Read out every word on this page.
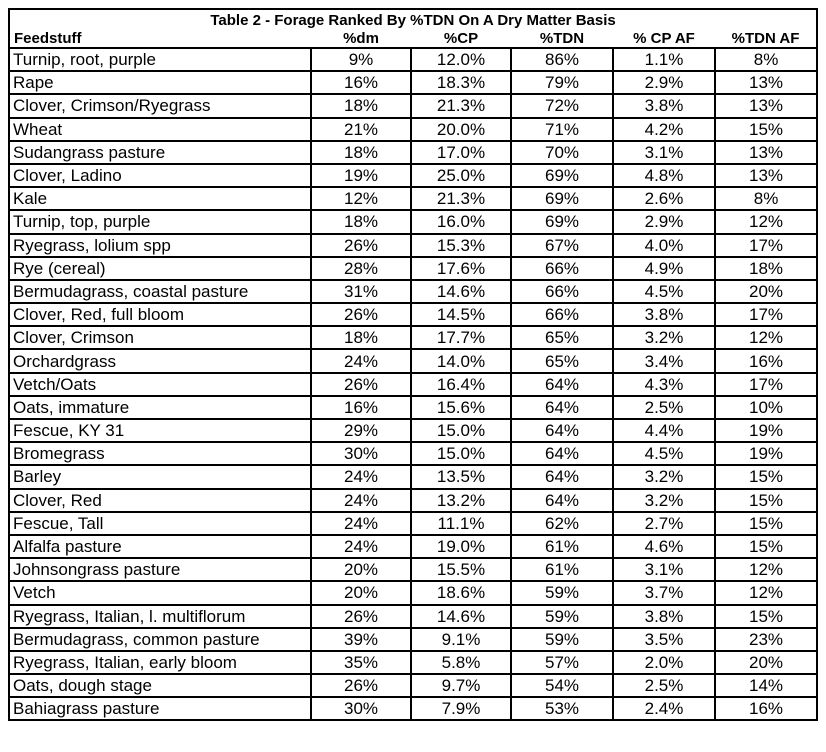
Table 2 - Forage Ranked By %TDN On A Dry Matter Basis					
Feedstuff	%dm	%CP	%TDN	% CP AF	%TDN AF
Turnip, root, purple	9%	12.0%	86%	1.1%	8%
Rape	16%	18.3%	79%	2.9%	13%
Clover, Crimson/Ryegrass	18%	21.3%	72%	3.8%	13%
Wheat	21%	20.0%	71%	4.2%	15%
Sudangrass pasture	18%	17.0%	70%	3.1%	13%
Clover, Ladino	19%	25.0%	69%	4.8%	13%
Kale	12%	21.3%	69%	2.6%	8%
Turnip, top, purple	18%	16.0%	69%	2.9%	12%
Ryegrass, lolium spp	26%	15.3%	67%	4.0%	17%
Rye (cereal)	28%	17.6%	66%	4.9%	18%
Bermudagrass, coastal pasture	31%	14.6%	66%	4.5%	20%
Clover, Red, full bloom	26%	14.5%	66%	3.8%	17%
Clover, Crimson	18%	17.7%	65%	3.2%	12%
Orchardgrass	24%	14.0%	65%	3.4%	16%
Vetch/Oats	26%	16.4%	64%	4.3%	17%
Oats, immature	16%	15.6%	64%	2.5%	10%
Fescue, KY 31	29%	15.0%	64%	4.4%	19%
Bromegrass	30%	15.0%	64%	4.5%	19%
Barley	24%	13.5%	64%	3.2%	15%
Clover, Red	24%	13.2%	64%	3.2%	15%
Fescue, Tall	24%	11.1%	62%	2.7%	15%
Alfalfa pasture	24%	19.0%	61%	4.6%	15%
Johnsongrass pasture	20%	15.5%	61%	3.1%	12%
Vetch	20%	18.6%	59%	3.7%	12%
Ryegrass, Italian, l. multiflorum	26%	14.6%	59%	3.8%	15%
Bermudagrass, common pasture	39%	9.1%	59%	3.5%	23%
Ryegrass, Italian, early bloom	35%	5.8%	57%	2.0%	20%
Oats, dough stage	26%	9.7%	54%	2.5%	14%
Bahiagrass pasture	30%	7.9%	53%	2.4%	16%
